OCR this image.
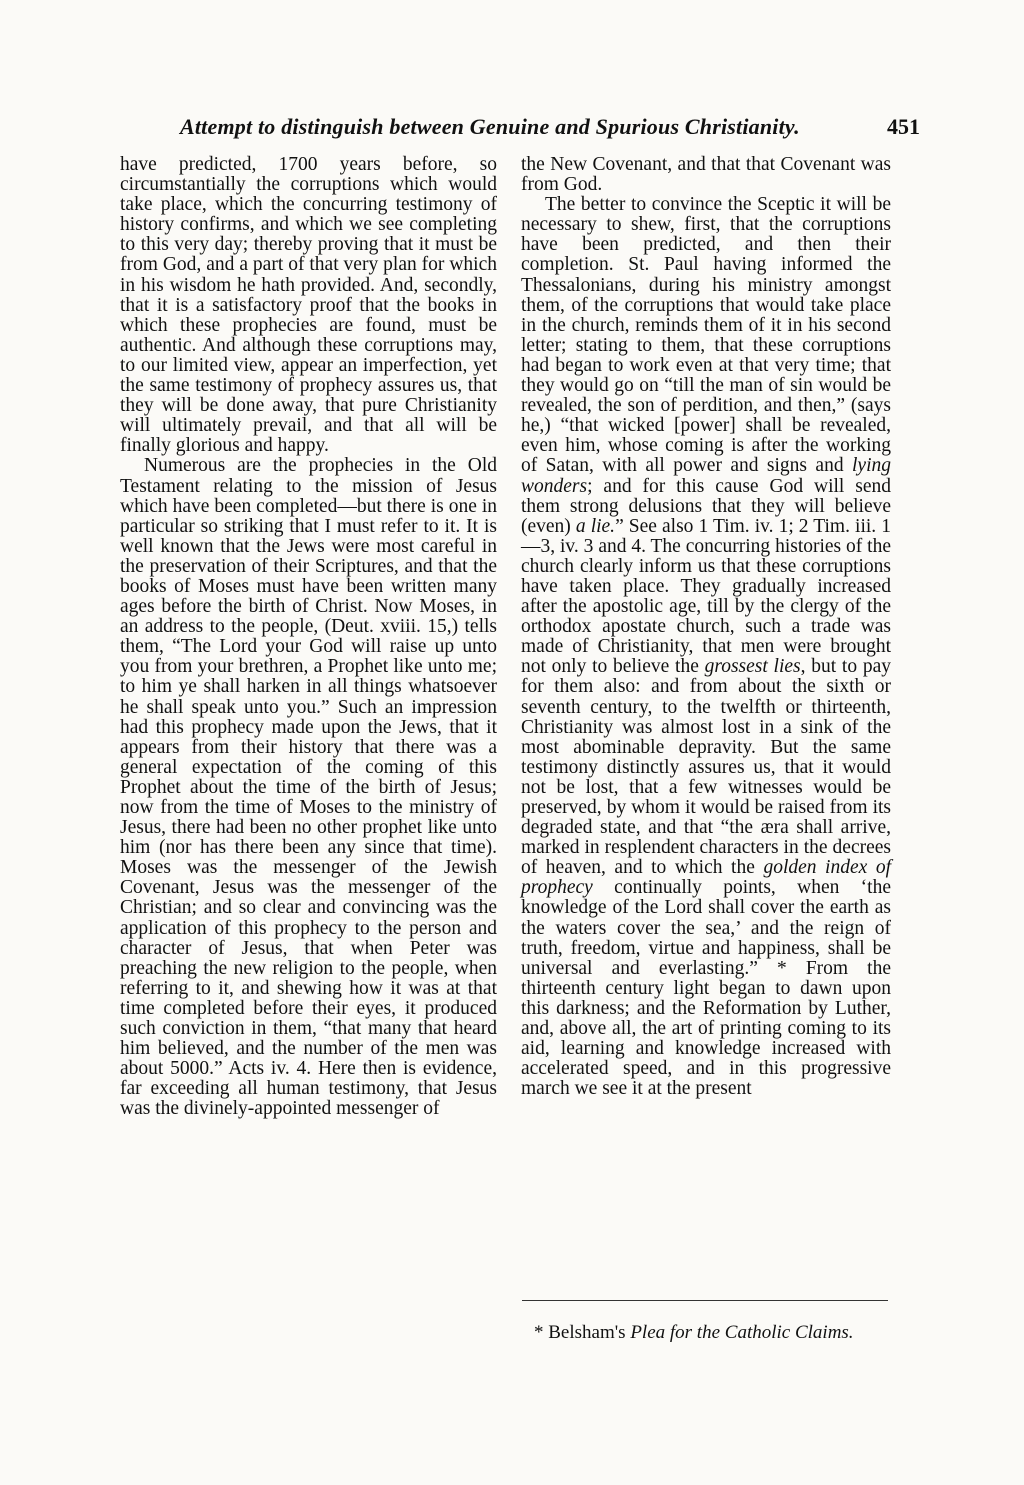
Attempt to distinguish between Genuine and Spurious Christianity.	451

have predicted, 1700 years before, so circumstantially the corruptions which would take place, which the concurring testimony of history confirms, and which we see completing to this very day; thereby proving that it must be from God, and a part of that very plan for which in his wisdom he hath provided. And, secondly, that it is a satisfactory proof that the books in which these prophecies are found, must be authentic. And although these corruptions may, to our limited view, appear an imperfection, yet the same testimony of prophecy assures us, that they will be done away, that pure Christianity will ultimately prevail, and that all will be finally glorious and happy.

Numerous are the prophecies in the Old Testament relating to the mission of Jesus which have been completed—but there is one in particular so striking that I must refer to it. It is well known that the Jews were most careful in the preservation of their Scriptures, and that the books of Moses must have been written many ages before the birth of Christ. Now Moses, in an address to the people, (Deut. xviii. 15,) tells them, “The Lord your God will raise up unto you from your brethren, a Prophet like unto me; to him ye shall harken in all things whatsoever he shall speak unto you.” Such an impression had this prophecy made upon the Jews, that it appears from their history that there was a general expectation of the coming of this Prophet about the time of the birth of Jesus; now from the time of Moses to the ministry of Jesus, there had been no other prophet like unto him (nor has there been any since that time). Moses was the messenger of the Jewish Covenant, Jesus was the messenger of the Christian; and so clear and convincing was the application of this prophecy to the person and character of Jesus, that when Peter was preaching the new religion to the people, when referring to it, and shewing how it was at that time completed before their eyes, it produced such conviction in them, “that many that heard him believed, and the number of the men was about 5000.” Acts iv. 4. Here then is evidence, far exceeding all human testimony, that Jesus was the divinely-appointed messenger of

the New Covenant, and that that Covenant was from God.

The better to convince the Sceptic it will be necessary to shew, first, that the corruptions have been predicted, and then their completion. St. Paul having informed the Thessalonians, during his ministry amongst them, of the corruptions that would take place in the church, reminds them of it in his second letter; stating to them, that these corruptions had began to work even at that very time; that they would go on “till the man of sin would be revealed, the son of perdition, and then,” (says he,) “that wicked [power] shall be revealed, even him, whose coming is after the working of Satan, with all power and signs and lying wonders; and for this cause God will send them strong delusions that they will believe (even) a lie.” See also 1 Tim. iv. 1; 2 Tim. iii. 1—3, iv. 3 and 4. The concurring histories of the church clearly inform us that these corruptions have taken place. They gradually increased after the apostolic age, till by the clergy of the orthodox apostate church, such a trade was made of Christianity, that men were brought not only to believe the grossest lies, but to pay for them also: and from about the sixth or seventh century, to the twelfth or thirteenth, Christianity was almost lost in a sink of the most abominable depravity. But the same testimony distinctly assures us, that it would not be lost, that a few witnesses would be preserved, by whom it would be raised from its degraded state, and that “the æra shall arrive, marked in resplendent characters in the decrees of heaven, and to which the golden index of prophecy continually points, when ‘the knowledge of the Lord shall cover the earth as the waters cover the sea,’ and the reign of truth, freedom, virtue and happiness, shall be universal and everlasting.” * From the thirteenth century light began to dawn upon this darkness; and the Reformation by Luther, and, above all, the art of printing coming to its aid, learning and knowledge increased with accelerated speed, and in this progressive march we see it at the present

* Belsham's Plea for the Catholic Claims.
